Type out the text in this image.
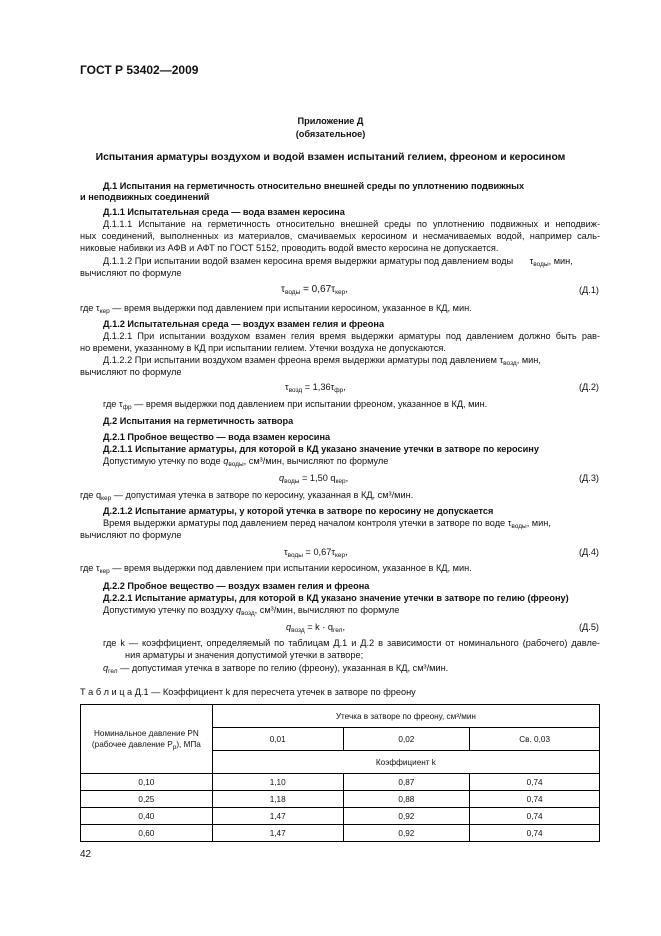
ГОСТ Р 53402—2009
Приложение Д
(обязательное)
Испытания арматуры воздухом и водой взамен испытаний гелием, фреоном и керосином
Д.1 Испытания на герметичность относительно внешней среды по уплотнению подвижных
и неподвижных соединений
Д.1.1 Испытательная среда — вода взамен керосина
Д.1.1.1 Испытание на герметичность относительно внешней среды по уплотнению подвижных и неподвиж-
ных соединений, выполненных из материалов, смачиваемых керосином и несмачиваемых водой, например саль-
никовые набивки из АФВ и АФТ по ГОСТ 5152, проводить водой вместо керосина не допускается.
Д.1.1.2 При испытании водой взамен керосина время выдержки арматуры под давлением воды $\tau_{воды}$, мин,
вычисляют по формуле
$\tau_{воды} = 0,67\tau_{кер}$,	(Д.1)
где $\tau_{кер}$ — время выдержки под давлением при испытании керосином, указанное в КД, мин.
Д.1.2 Испытательная среда — воздух взамен гелия и фреона
Д.1.2.1 При испытании воздухом взамен гелия время выдержки арматуры под давлением должно быть рав-
но времени, указанному в КД при испытании гелием. Утечки воздуха не допускаются.
Д.1.2.2 При испытании воздухом взамен фреона время выдержки арматуры под давлением $\tau_{возд}$, мин,
вычисляют по формуле
$\tau_{возд} = 1,36\tau_{фр}$,	(Д.2)
где $\tau_{фр}$ — время выдержки под давлением при испытании фреоном, указанное в КД, мин.
Д.2 Испытания на герметичность затвора
Д.2.1 Пробное вещество — вода взамен керосина
Д.2.1.1 Испытание арматуры, для которой в КД указано значение утечки в затворе по керосину
Допустимую утечку по воде $q_{воды}$, см³/мин, вычисляют по формуле
$q_{воды} = 1,50$ $q_{кер}$,	(Д.3)
где $q_{кер}$ — допустимая утечка в затворе по керосину, указанная в КД, см³/мин.
Д.2.1.2 Испытание арматуры, у которой утечка в затворе по керосину не допускается
Время выдержки арматуры под давлением перед началом контроля утечки в затворе по воде $\tau_{воды}$, мин,
вычисляют по формуле
$\tau_{воды} = 0,67\tau_{кер}$,	(Д.4)
где $\tau_{кер}$ — время выдержки под давлением при испытании керосином, указанное в КД, мин.
Д.2.2 Пробное вещество — воздух взамен гелия и фреона
Д.2.2.1 Испытание арматуры, для которой в КД указано значение утечки в затворе по гелию (фреону)
Допустимую утечку по воздуху $q_{возд}$, см³/мин, вычисляют по формуле
$q_{возд} = k \cdot q_{гел}$,	(Д.5)
где k — коэффициент, определяемый по таблицам Д.1 и Д.2 в зависимости от номинального (рабочего) давле-
ния арматуры и значения допустимой утечки в затворе;
$q_{гел}$ — допустимая утечка в затворе по гелию (фреону), указанная в КД, см³/мин.
Т а б л и ц а Д.1 — Коэффициент k для пересчета утечек в затворе по фреону
Номинальное давление PN
(рабочее давление $P_р$), МПа	Утечка в затворе по фреону, см³/мин		
	0,01	0,02	Св. 0,03
	Коэффициент k		
0,10	1,10	0,87	0,74
0,25	1,18	0,88	0,74
0,40	1,47	0,92	0,74
0,60	1,47	0,92	0,74
42
